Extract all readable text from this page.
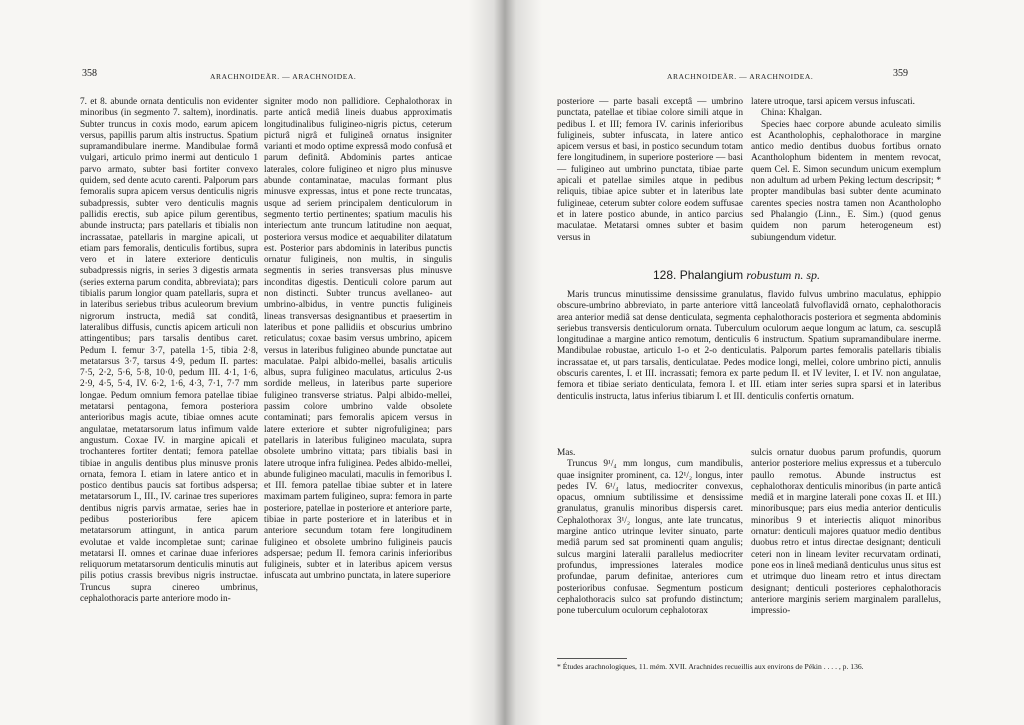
358	ARACHNOIDEÄR. — ARACHNOIDEA.

7. et 8. abunde ornata denticulis non evidenter minoribus (in segmento 7. saltem), inordinatis. Subter truncus in coxis modo, earum apicem versus, papillis parum altis instructus. Spatium supramandibulare inerme. Mandibulae formâ vulgari, articulo primo inermi aut denticulo 1 parvo armato, subter basi fortiter convexo quidem, sed dente acuto carenti. Palporum pars femoralis supra apicem versus denticulis nigris subadpressis, subter vero denticulis magnis pallidis erectis, sub apice pilum gerentibus, abunde instructa; pars patellaris et tibialis non incrassatae, patellaris in margine apicali, ut etiam pars femoralis, denticulis fortibus, supra vero et in latere exteriore denticulis subadpressis nigris, in series 3 digestis armata (series externa parum condita, abbreviata); pars tibialis parum longior quam patellaris, supra et in lateribus seriebus tribus aculeorum brevium nigrorum instructa, mediâ sat conditâ, lateralibus diffusis, cunctis apicem articuli non attingentibus; pars tarsalis dentibus caret. Pedum I. femur 3·7, patella 1·5, tibia 2·8, metatarsus 3·7, tarsus 4·9, pedum II. partes: 7·5, 2·2, 5·6, 5·8, 10·0, pedum III. 4·1, 1·6, 2·9, 4·5, 5·4, IV. 6·2, 1·6, 4·3, 7·1, 7·7 mm longae. Pedum omnium femora patellae tibiae metatarsi pentagona, femora posteriora anterioribus magis acute, tibiae omnes acute angulatae, metatarsorum latus infimum valde angustum. Coxae IV. in margine apicali et trochanteres fortiter dentati; femora patellae tibiae in angulis dentibus plus minusve pronis ornata, femora I. etiam in latere antico et in postico dentibus paucis sat fortibus adspersa; metatarsorum I., III., IV. carinae tres superiores dentibus nigris parvis armatae, series hae in pedibus posterioribus fere apicem metatarsorum attingunt, in antica parum evolutae et valde incompletae sunt; carinae metatarsi II. omnes et carinae duae inferiores reliquorum metatarsorum denticulis minutis aut pilis potius crassis brevibus nigris instructae. Truncus supra cinereo umbrinus, cephalothoracis parte anteriore modo in-

signiter modo non pallidiore. Cephalothorax in parte anticâ mediâ lineis duabus approximatis longitudinalibus fuligineo-nigris pictus, ceterum picturâ nigrâ et fuligineâ ornatus insigniter varianti et modo optime expressâ modo confusâ et parum definitâ. Abdominis partes anticae laterales, colore fuligineo et nigro plus minusve abunde contaminatae, maculas formant plus minusve expressas, intus et pone recte truncatas, usque ad seriem principalem denticulorum in segmento tertio pertinentes; spatium maculis his interiectum ante truncum latitudine non aequat, posteriora versus modice et aequabiliter dilatatum est. Posterior pars abdominis in lateribus punctis ornatur fuligineis, non multis, in singulis segmentis in series transversas plus minusve inconditas digestis. Denticuli colore parum aut non distincti. Subter truncus avellaneo- aut umbrino-albidus, in ventre punctis fuligineis lineas transversas designantibus et praesertim in lateribus et pone pallidiis et obscurius umbrino reticulatus; coxae basim versus umbrino, apicem versus in lateribus fuligineo abunde punctatae aut maculatae. Palpi albido-mellei, basalis articulis albus, supra fuligineo maculatus, articulus 2-us sordide melleus, in lateribus parte superiore fuligineo transverse striatus. Palpi albido-mellei, passim colore umbrino valde obsolete contaminati; pars femoralis apicem versus in latere exteriore et subter nigrofuliginea; pars patellaris in lateribus fuligineo maculata, supra obsolete umbrino vittata; pars tibialis basi in latere utroque infra fuliginea. Pedes albido-mellei, abunde fuligineo maculati, maculis in femoribus I. et III. femora patellae tibiae subter et in latere maximam partem fuligineo, supra: femora in parte posteriore, patellae in posteriore et anteriore parte, tibiae in parte posteriore et in lateribus et in anteriore secundum totam fere longitudinem fuligineo et obsolete umbrino fuligineis paucis adspersae; pedum II. femora carinis inferioribus fuligineis, subter et in lateribus apicem versus infuscata aut umbrino punctata, in latere superiore

ARACHNOIDEÄR. — ARACHNOIDEA.	359

posteriore — parte basali exceptâ — umbrino punctata, patellae et tibiae colore simili atque in pedibus I. et III; femora IV. carinis inferioribus fuligineis, subter infuscata, in latere antico apicem versus et basi, in postico secundum totam fere longitudinem, in superiore posteriore — basi — fuligineo aut umbrino punctata, tibiae parte apicali et patellae similes atque in pedibus reliquis, tibiae apice subter et in lateribus late fuligineae, ceterum subter colore eodem suffusae et in latere postico abunde, in antico parcius maculatae. Metatarsi omnes subter et basim versus in

latere utroque, tarsi apicem versus infuscati.

China: Khalgan.

Species haec corpore abunde aculeato similis est Acantholophis, cephalothorace in margine antico medio dentibus duobus fortibus ornato Acantholophum bidentem in mentem revocat, quem Cel. E. Simon secundum unicum exemplum non adultum ad urbem Peking lectum descripsit; * propter mandibulas basi subter dente acuminato carentes species nostra tamen non Acantholopho sed Phalangio (Linn., E. Sim.) (quod genus quidem non parum heterogeneum est) subiungendum videtur.

128. Phalangium robustum n. sp.

Maris truncus minutissime densissime granulatus, flavido fulvus umbrino maculatus, ephippio obscure-umbrino abbreviato, in parte anteriore vittâ lanceolatâ fulvoflavidâ ornato, cephalothoracis area anterior mediâ sat dense denticulata, segmenta cephalothoracis posteriora et segmenta abdominis seriebus transversis denticulorum ornata. Tuberculum oculorum aeque longum ac latum, ca. sescuplâ longitudinae a margine antico remotum, denticulis 6 instructum. Spatium supramandibulare inerme. Mandibulae robustae, articulo 1-o et 2-o denticulatis. Palporum partes femoralis patellaris tibialis incrassatae et, ut pars tarsalis, denticulatae. Pedes modice longi, mellei, colore umbrino picti, annulis obscuris carentes, I. et III. incrassati; femora ex parte pedum II. et IV leviter, I. et IV. non angulatae, femora et tibiae seriato denticulata, femora I. et III. etiam inter series supra sparsi et in lateribus denticulis instructa, latus inferius tibiarum I. et III. denticulis confertis ornatum.

Mas.

Truncus 9¹/₄ mm longus, cum mandibulis, quae insigniter prominent, ca. 12¹/₂ longus, inter pedes IV. 6¹/₄ latus, mediocriter convexus, opacus, omnium subtilissime et densissime granulatus, granulis minoribus dispersis caret. Cephalothorax 3¹/₂ longus, ante late truncatus, margine antico utrinque leviter sinuato, parte mediâ parum sed sat prominenti quam angulis; sulcus margini lateralii parallelus mediocriter profundus, impressiones laterales modice profundae, parum definitae, anteriores cum posterioribus confusae. Segmentum posticum cephalothoracis sulco sat profundo distinctum; pone tuberculum oculorum cephalotorax

sulcis ornatur duobus parum profundis, quorum anterior posteriore melius expressus et a tuberculo paullo remotus. Abunde instructus est cephalothorax denticulis minoribus (in parte anticâ mediâ et in margine laterali pone coxas II. et III.) minoribusque; pars eius media anterior denticulis minoribus 9 et interiectis aliquot minoribus ornatur: denticuli majores quatuor medio dentibus duobus retro et intus directae designant; denticuli ceteri non in lineam leviter recurvatam ordinati, pone eos in lineâ medianâ denticulus unus situs est et utrimque duo lineam retro et intus directam designant; denticuli posteriores cephalothoracis anteriore marginis seriem marginalem parallelus, impressio-

* Études arachnologiques, 11. mém. XVII. Arachnides recueillis aux environs de Pékin . . . . , p. 136.
